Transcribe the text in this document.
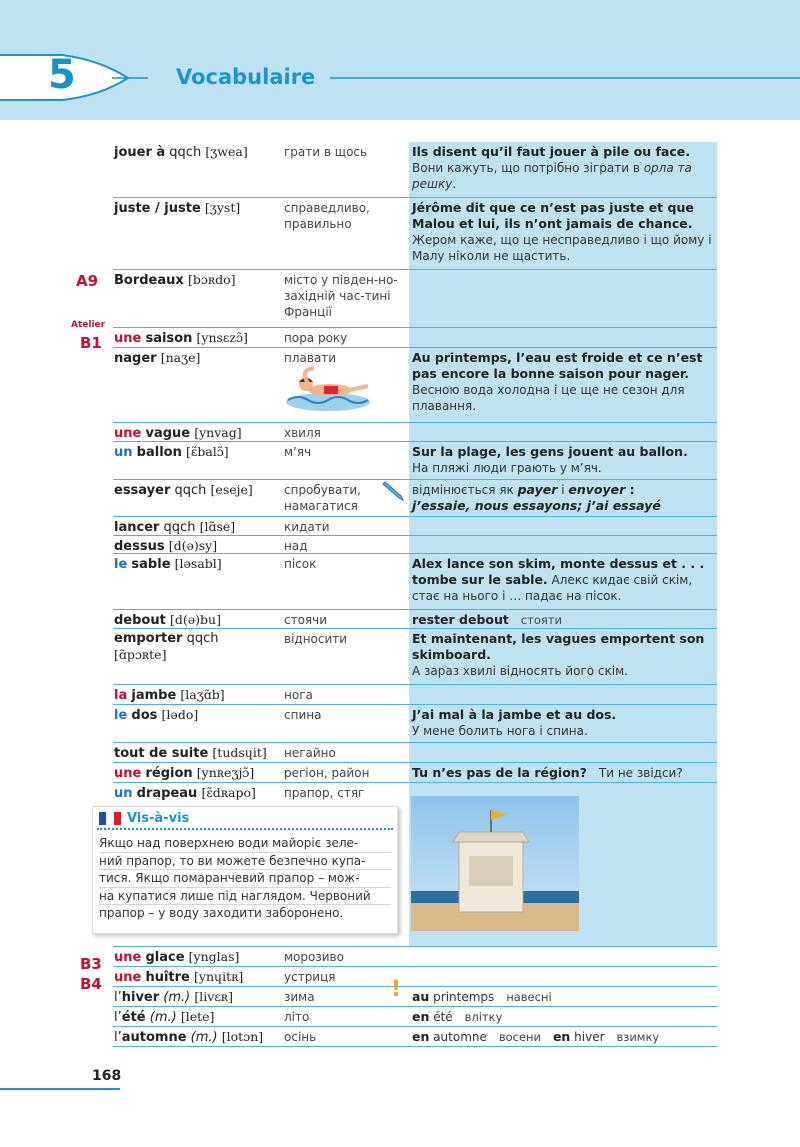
5	Vocabulaire
A9
Atelier
B1
B3
B4
jouer à qqch [ʒwea]	грати в щось	Ils disent qu’il faut jouer à pile ou face.
Вони кажуть, що потрібно зіграти в орла та решку.
juste / juste [ʒyst]	справедливо, правильно
Jérôme dit que ce n’est pas juste et que Malou et lui, ils n’ont jamais de chance.
Жером каже, що це несправедливо і що йому і Малу ніколи не щастить.
Bordeaux [bɔʀdo]	місто у півден-но-західній час-тині Франції
une saison [ynsɛzɔ̃]	пора року
nager [naʒe]	плавати	Au printemps, l’eau est froide et ce n’est pas encore la bonne saison pour nager.
Весною вода холодна і це ще не сезон для плавання.
une vague [ynvag]	хвиля
un ballon [ɛ̃balɔ̃]	м’яч	Sur la plage, les gens jouent au ballon.
На пляжі люди грають у м’яч.
essayer qqch [eseje]	спробувати, намагатися
відмінюється як payer і envoyer :
j’essaie, nous essayons; j’ai essayé
lancer qqch [lɑ̃se]	кидати
dessus [d(ə)sy]	над
le sable [ləsabl]	пісок	Alex lance son skim, monte dessus et . . . tombe sur le sable. Алекс кидає свій скім, стає на нього і … падає на пісок.
debout [d(ə)bu]	стоячи	rester debout стояти
emporter qqch
[ɑ̃pɔʀte]
відносити	Et maintenant, les vagues emportent son skimboard.
А зараз хвилі відносять його скім.
la jambe [laʒɑ̃b]	нога
le dos [lədo]	спина	J’ai mal à la jambe et au dos.
У мене болить нога і спина.
tout de suite [tudsɥit]	негайно
une région [ynʀeʒjɔ̃]	регіон, район	Tu n’es pas de la région? Ти не звідси?
un drapeau [ɛ̃dʀapo]	прапор, стяг
une glace [ynglas]	морозиво
une huître [ynɥitʀ]	устриця
l’hiver (m.) [livɛʀ]	зима	au printemps навесні
l’été (m.) [lete]	літо	en été влітку
l’automne (m.) [lotɔn]	осінь	en automne восени en hiver взимку
!
Vis-à-vis
Якщо над поверхнею води майоріє зеле-
ний прапор, то ви можете безпечно купа-
тися. Якщо помаранчевий прапор – мож-
на купатися лише під наглядом. Червоний
прапор – у воду заходити заборонено.
168
